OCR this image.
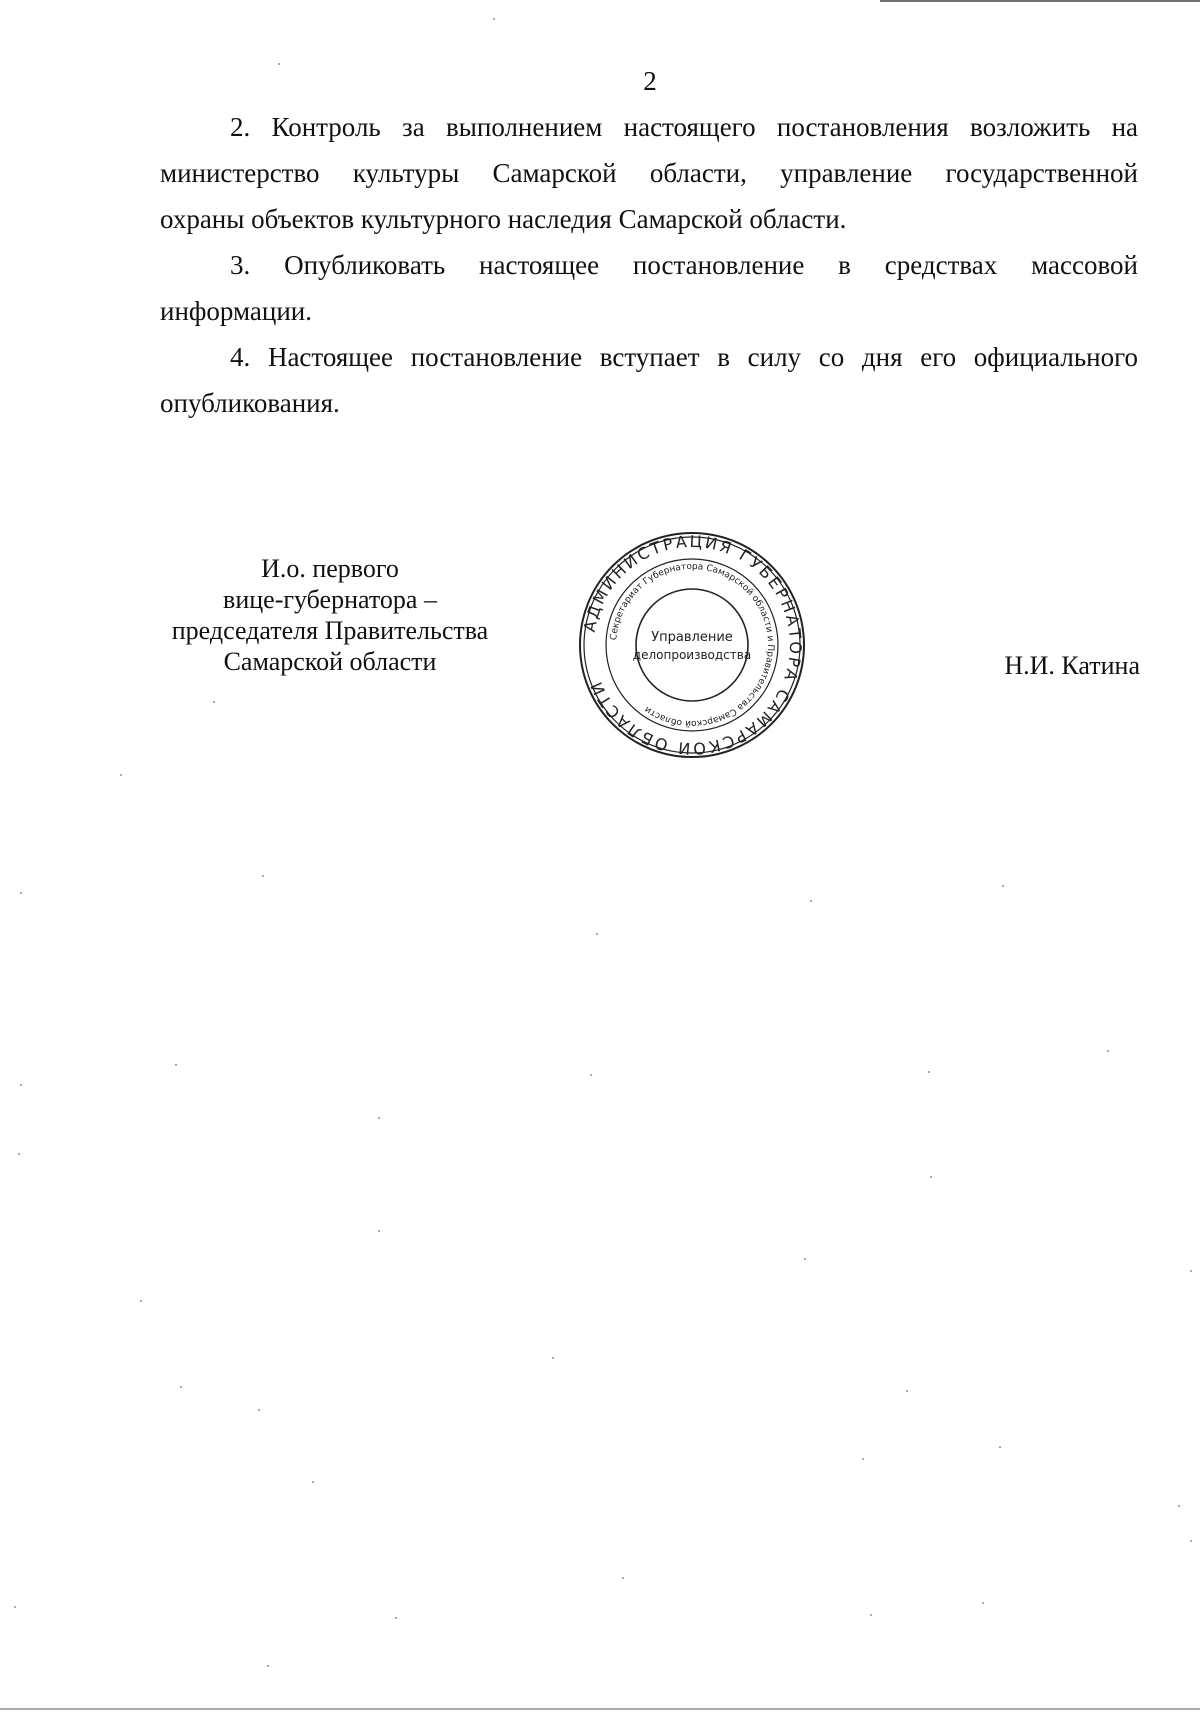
2

2. Контроль за выполнением настоящего постановления возложить на министерство культуры Самарской области, управление государственной

охраны объектов культурного наследия Самарской области.

3. Опубликовать настоящее постановление в средствах массовой

информации.

4. Настоящее постановление вступает в силу со дня его официального

опубликования.

И.о. первого
вице-губернатора –
председателя Правительства
Самарской области
АДМИНИСТРАЦИЯ ГУБЕРНАТОРА САМАРСКОЙ ОБЛАСТИ
Секретариат Губернатора Самарской области и Правительства Самарской области
Управление
делопроизводства	Н.И. Катина
